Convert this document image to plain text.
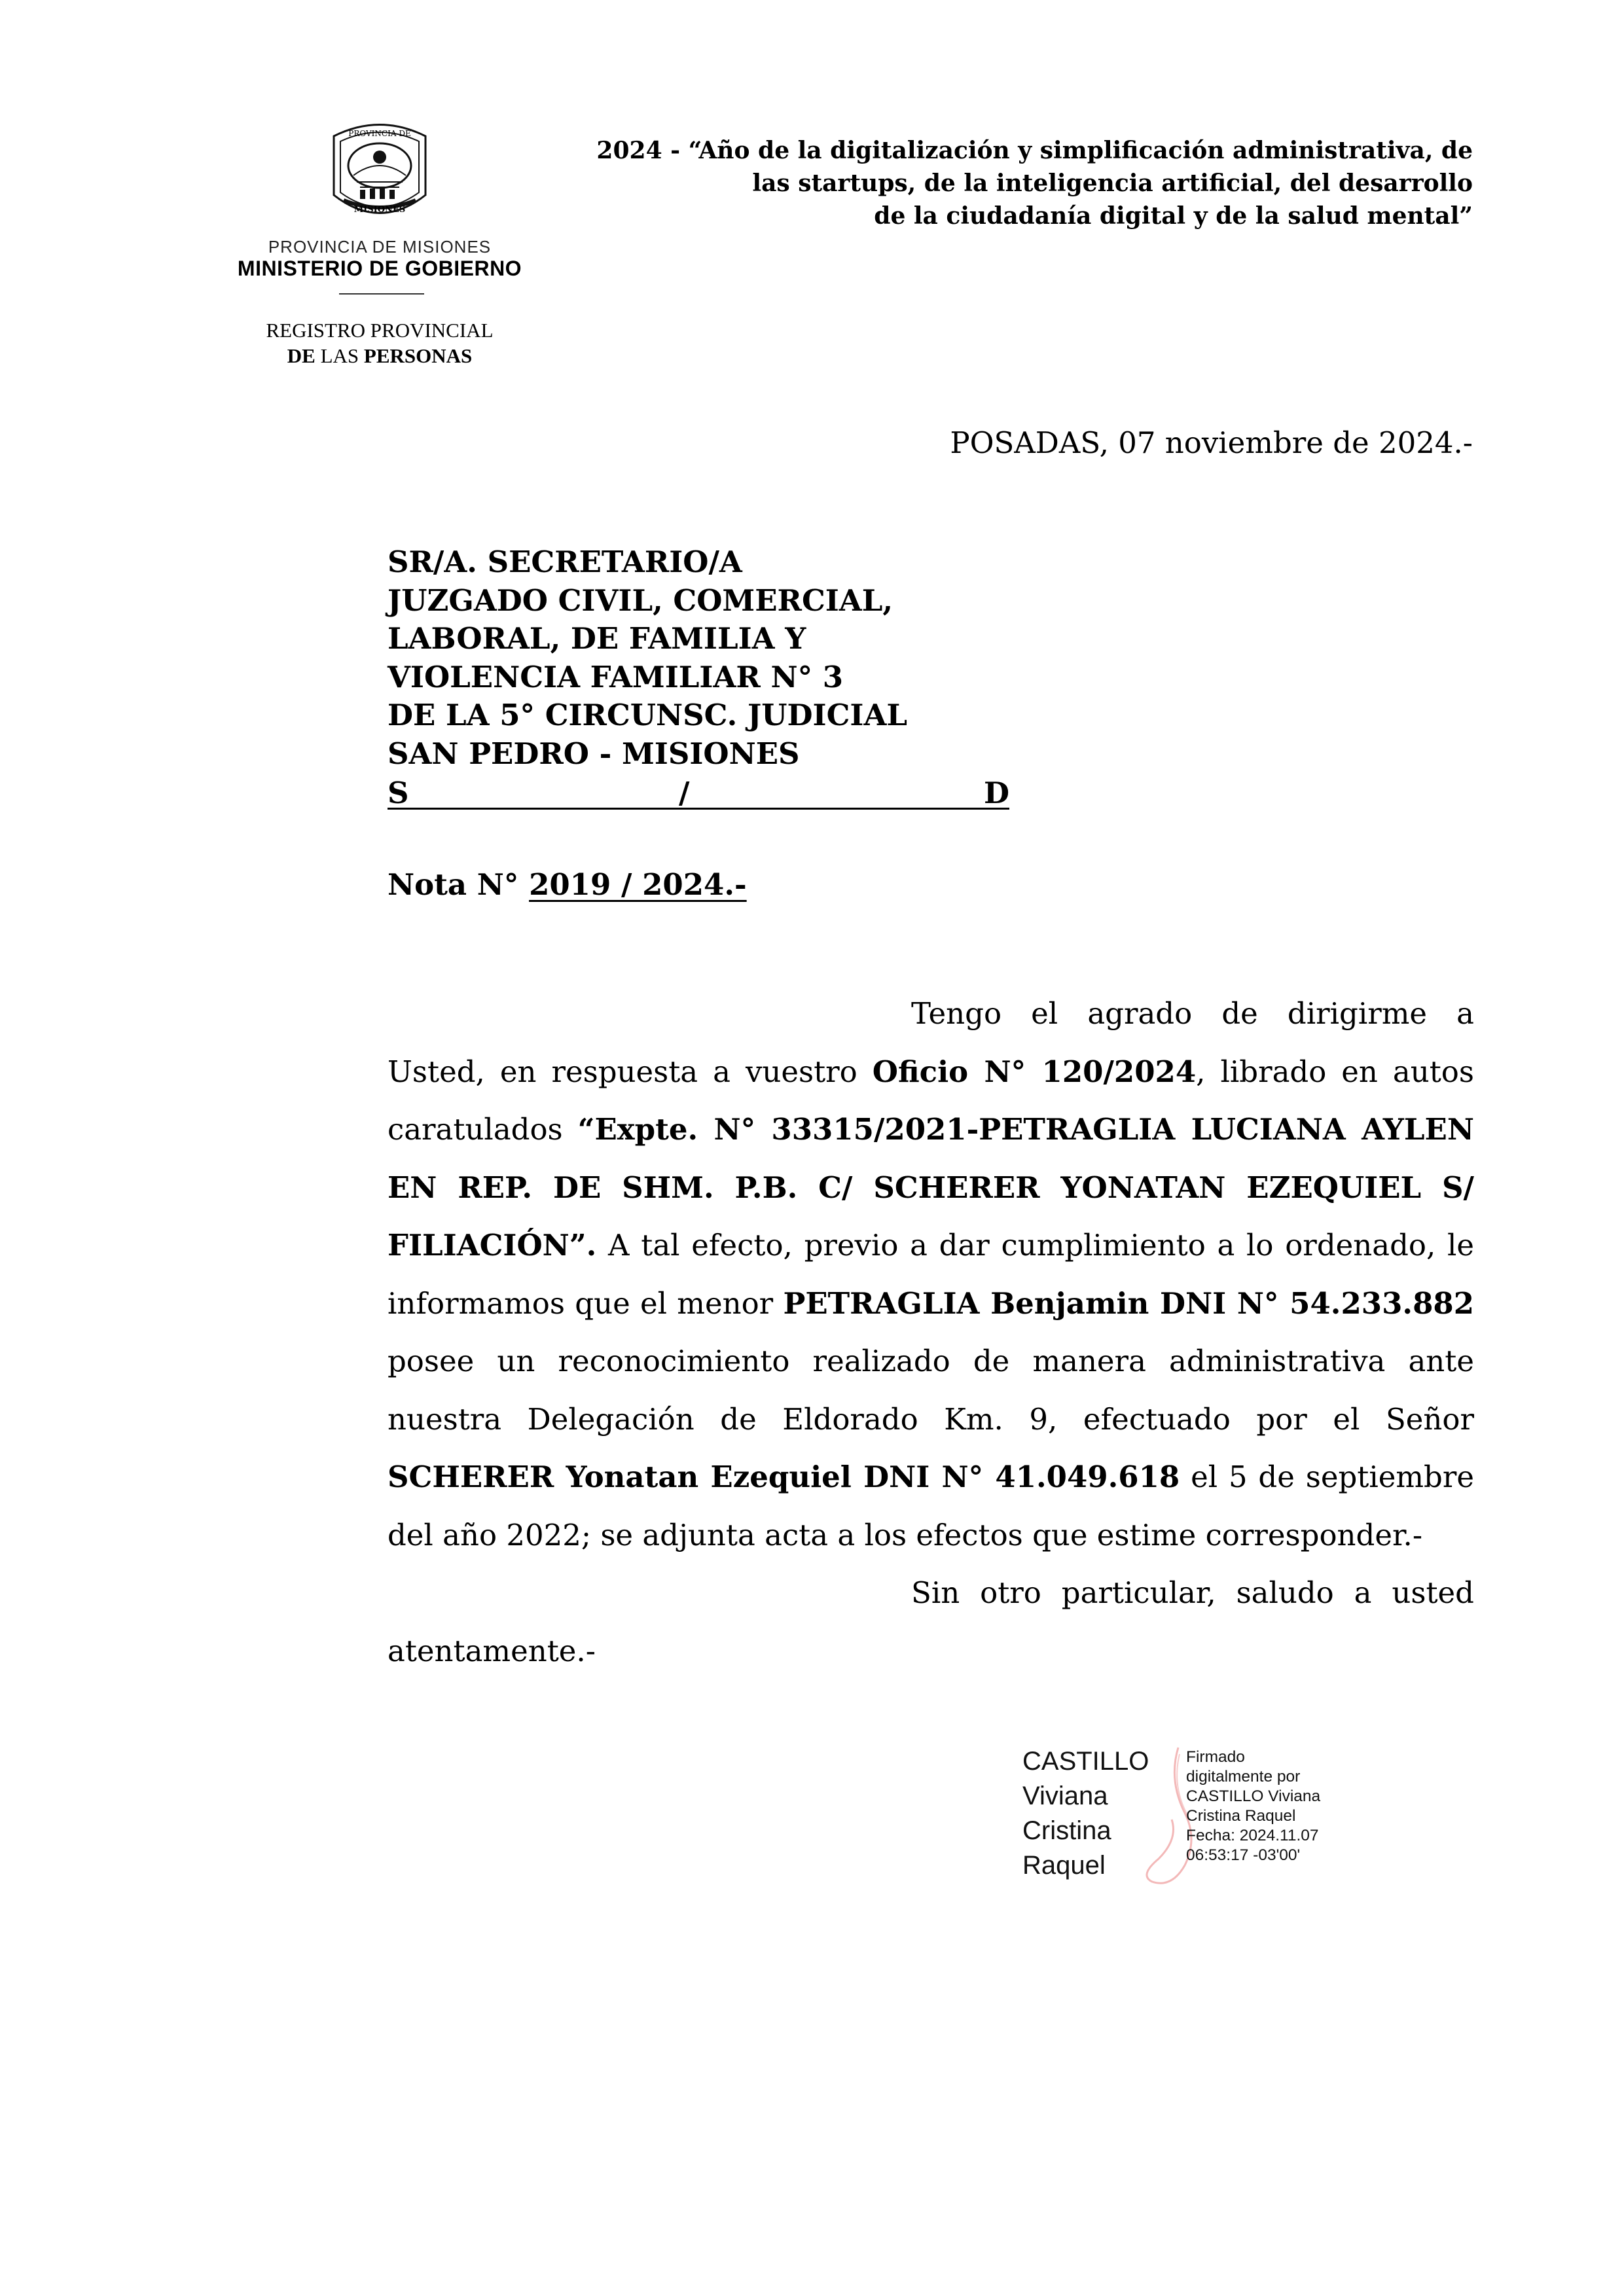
PROVINCIA DE
MISIONES
PROVINCIA DE MISIONES
MINISTERIO DE GOBIERNO
REGISTRO PROVINCIAL
DE LAS PERSONAS
2024 - “Año de la digitalización y simplificación administrativa, de
las startups, de la inteligencia artificial, del desarrollo
de la ciudadanía digital y de la salud mental”
POSADAS, 07 noviembre de 2024.-
SR/A. SECRETARIO/A
JUZGADO CIVIL, COMERCIAL,
LABORAL, DE FAMILIA Y
VIOLENCIA FAMILIAR N° 3
DE LA 5° CIRCUNSC. JUDICIAL
SAN PEDRO - MISIONES
S	/	D
Nota N° 2019 / 2024.-

Tengo el agrado de dirigirme a Usted, en respuesta a vuestro Oficio N° 120/2024, librado en autos caratulados “Expte. N° 33315/2021-PETRAGLIA LUCIANA AYLEN EN REP. DE SHM. P.B. C/ SCHERER YONATAN EZEQUIEL S/ FILIACIÓN”. A tal efecto, previo a dar cumplimiento a lo ordenado, le informamos que el menor PETRAGLIA Benjamin DNI N° 54.233.882 posee un reconocimiento realizado de manera administrativa ante nuestra Delegación de Eldorado Km. 9, efectuado por el Señor SCHERER Yonatan Ezequiel DNI N° 41.049.618 el 5 de septiembre del año 2022; se adjunta acta a los efectos que estime corresponder.-

Sin otro particular, saludo a usted atentamente.-

CASTILLO
Viviana
Cristina
Raquel
Firmado
digitalmente por
CASTILLO Viviana
Cristina Raquel
Fecha: 2024.11.07
06:53:17 -03'00'
